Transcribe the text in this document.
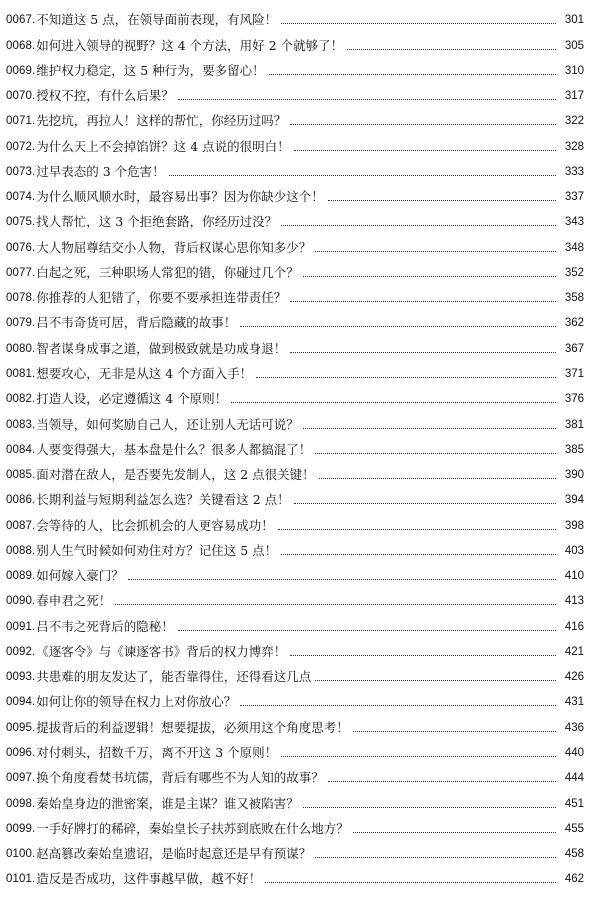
0067. 不知道这 5 点，在领导面前表现，有风险！	301
0068. 如何进入领导的视野？这 4 个方法，用好 2 个就够了！	305
0069. 维护权力稳定，这 5 种行为，要多留心！	310
0070. 授权不控，有什么后果？	317
0071. 先挖坑，再拉人！这样的帮忙，你经历过吗？	322
0072. 为什么天上不会掉馅饼？这 4 点说的很明白！	328
0073. 过早表态的 3 个危害！	333
0074. 为什么顺风顺水时，最容易出事？因为你缺少这个！	337
0075. 找人帮忙，这 3 个拒绝套路，你经历过没？	343
0076. 大人物屈尊结交小人物，背后权谋心思你知多少？	348
0077. 白起之死，三种职场人常犯的错，你碰过几个？	352
0078. 你推荐的人犯错了，你要不要承担连带责任？	358
0079. 吕不韦奇货可居，背后隐藏的故事！	362
0080. 智者谋身成事之道，做到极致就是功成身退！	367
0081. 想要攻心，无非是从这 4 个方面入手！	371
0082. 打造人设，必定遵循这 4 个原则！	376
0083. 当领导，如何奖励自己人，还让别人无话可说？	381
0084. 人要变得强大，基本盘是什么？很多人都搞混了！	385
0085. 面对潜在敌人，是否要先发制人，这 2 点很关键！	390
0086. 长期利益与短期利益怎么选？关键看这 2 点！	394
0087. 会等待的人，比会抓机会的人更容易成功！	398
0088. 别人生气时候如何劝住对方？记住这 5 点！	403
0089. 如何嫁入豪门？	410
0090. 春申君之死！	413
0091. 吕不韦之死背后的隐秘！	416
0092. 《逐客令》与《谏逐客书》背后的权力博弈！	421
0093. 共患难的朋友发达了，能否靠得住，还得看这几点	426
0094. 如何让你的领导在权力上对你放心？	431
0095. 提拔背后的利益逻辑！想要提拔，必须用这个角度思考！	436
0096. 对付刺头，招数千万，离不开这 3 个原则！	440
0097. 换个角度看焚书坑儒，背后有哪些不为人知的故事？	444
0098. 秦始皇身边的泄密案，谁是主谋？谁又被陷害？	451
0099. 一手好牌打的稀碎，秦始皇长子扶苏到底败在什么地方？	455
0100. 赵高篡改秦始皇遗诏，是临时起意还是早有预谋？	458
0101. 造反是否成功，这件事越早做，越不好！	462
